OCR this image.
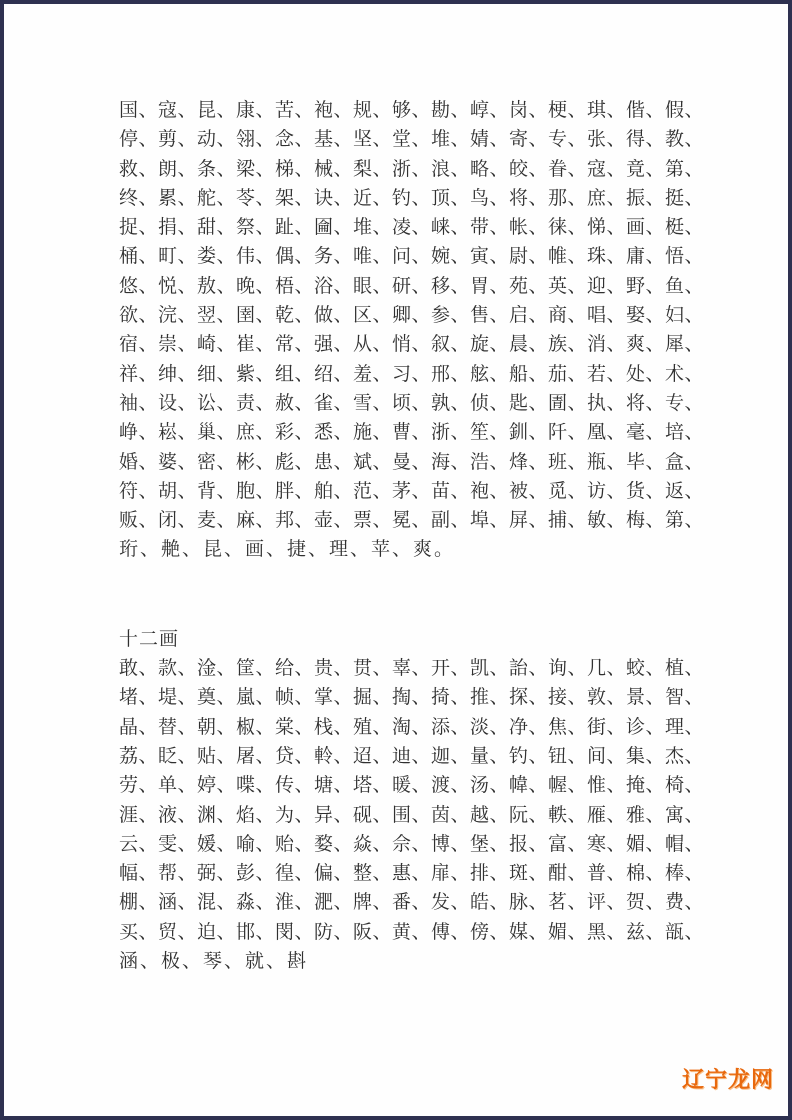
国、寇、昆、康、苦、袍、规、够、勘、崞、岗、梗、琪、偕、假、
停、剪、动、翎、念、基、坚、堂、堆、婧、寄、专、张、得、教、
救、朗、条、梁、梯、械、梨、浙、浪、略、皎、眷、寇、竟、第、
终、累、舵、苓、架、诀、近、钓、顶、鸟、将、那、庶、振、挺、
捉、捐、甜、祭、趾、圇、堆、凌、崃、带、帐、徕、悌、画、梃、
桶、町、娄、伟、偶、务、唯、问、婉、寅、尉、帷、珠、庸、悟、
悠、悦、敖、晚、梧、浴、眼、研、移、胃、苑、英、迎、野、鱼、
欲、浣、翌、圉、乾、做、区、卿、参、售、启、商、唱、娶、妇、
宿、崇、崎、崔、常、强、从、悄、叙、旋、晨、族、消、爽、犀、
祥、绅、细、紫、组、绍、羞、习、邢、舷、船、茄、若、处、术、
袖、设、讼、责、赦、雀、雪、顷、孰、侦、匙、圊、执、将、专、
峥、崧、巢、庶、彩、悉、施、曹、浙、笙、釧、阡、凰、毫、培、
婚、婆、密、彬、彪、患、斌、曼、海、浩、烽、班、瓶、毕、盒、
符、胡、背、胞、胖、舶、范、茅、苗、袍、被、觅、访、货、返、
贩、闭、麦、麻、邦、壶、票、冕、副、埠、屏、捕、敏、梅、第、
珩、艴、昆、画、捷、理、苹、爽。
十二画
敢、款、淦、筐、给、贵、贯、辜、开、凯、詒、询、几、蛟、植、
堵、堤、奠、嵐、帧、掌、掘、掏、掎、推、探、接、敦、景、智、
晶、替、朝、椒、棠、栈、殖、淘、添、淡、净、焦、街、诊、理、
荔、眨、贴、屠、贷、軨、迢、迪、迦、量、钓、钮、间、集、杰、
劳、单、婷、喋、传、塘、塔、暖、渡、汤、幃、幄、惟、掩、椅、
涯、液、渊、焰、为、异、砚、围、茵、越、阮、軼、雁、雅、寓、
云、雯、媛、喻、贻、婺、焱、佘、博、堡、报、富、寒、媚、帽、
幅、帮、弼、彭、徨、偏、整、惠、扉、排、斑、酣、普、棉、棒、
棚、涵、混、淼、淮、淝、牌、番、发、皓、脉、茗、评、贺、费、
买、贸、迫、邯、閔、防、阪、黄、傅、傍、媒、媚、黑、兹、瓿、
涵、极、琴、就、斟
辽宁龙网
